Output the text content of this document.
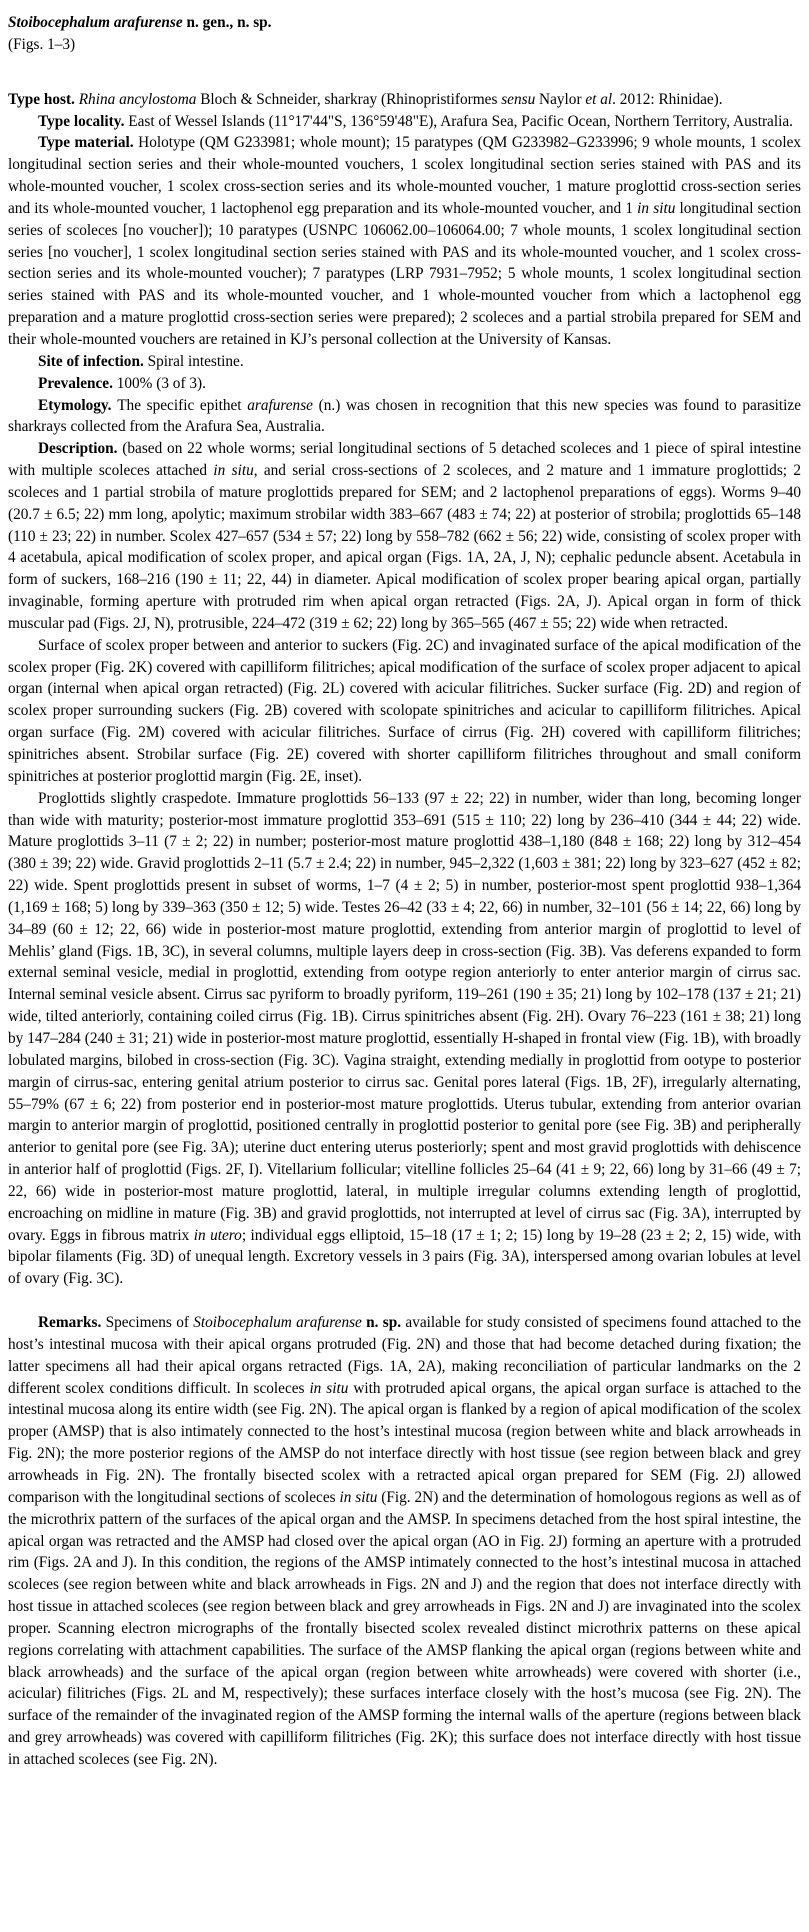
Stoibocephalum arafurense n. gen., n. sp.

(Figs. 1–3)

Type host. Rhina ancylostoma Bloch & Schneider, sharkray (Rhinopristiformes sensu Naylor et al. 2012: Rhinidae).

Type locality. East of Wessel Islands (11°17'44"S, 136°59'48"E), Arafura Sea, Pacific Ocean, Northern Territory, Australia.

Type material. Holotype (QM G233981; whole mount); 15 paratypes (QM G233982–G233996; 9 whole mounts, 1 scolex longitudinal section series and their whole-mounted vouchers, 1 scolex longitudinal section series stained with PAS and its whole-mounted voucher, 1 scolex cross-section series and its whole-mounted voucher, 1 mature proglottid cross-section series and its whole-mounted voucher, 1 lactophenol egg preparation and its whole-mounted voucher, and 1 in situ longitudinal section series of scoleces [no voucher]); 10 paratypes (USNPC 106062.00–106064.00; 7 whole mounts, 1 scolex longitudinal section series [no voucher], 1 scolex longitudinal section series stained with PAS and its whole-mounted voucher, and 1 scolex cross-section series and its whole-mounted voucher); 7 paratypes (LRP 7931–7952; 5 whole mounts, 1 scolex longitudinal section series stained with PAS and its whole-mounted voucher, and 1 whole-mounted voucher from which a lactophenol egg preparation and a mature proglottid cross-section series were prepared); 2 scoleces and a partial strobila prepared for SEM and their whole-mounted vouchers are retained in KJ’s personal collection at the University of Kansas.

Site of infection. Spiral intestine.

Prevalence. 100% (3 of 3).

Etymology. The specific epithet arafurense (n.) was chosen in recognition that this new species was found to parasitize sharkrays collected from the Arafura Sea, Australia.

Description. (based on 22 whole worms; serial longitudinal sections of 5 detached scoleces and 1 piece of spiral intestine with multiple scoleces attached in situ, and serial cross-sections of 2 scoleces, and 2 mature and 1 immature proglottids; 2 scoleces and 1 partial strobila of mature proglottids prepared for SEM; and 2 lactophenol preparations of eggs). Worms 9–40 (20.7 ± 6.5; 22) mm long, apolytic; maximum strobilar width 383–667 (483 ± 74; 22) at posterior of strobila; proglottids 65–148 (110 ± 23; 22) in number. Scolex 427–657 (534 ± 57; 22) long by 558–782 (662 ± 56; 22) wide, consisting of scolex proper with 4 acetabula, apical modification of scolex proper, and apical organ (Figs. 1A, 2A, J, N); cephalic peduncle absent. Acetabula in form of suckers, 168–216 (190 ± 11; 22, 44) in diameter. Apical modification of scolex proper bearing apical organ, partially invaginable, forming aperture with protruded rim when apical organ retracted (Figs. 2A, J). Apical organ in form of thick muscular pad (Figs. 2J, N), protrusible, 224–472 (319 ± 62; 22) long by 365–565 (467 ± 55; 22) wide when retracted.

Surface of scolex proper between and anterior to suckers (Fig. 2C) and invaginated surface of the apical modification of the scolex proper (Fig. 2K) covered with capilliform filitriches; apical modification of the surface of scolex proper adjacent to apical organ (internal when apical organ retracted) (Fig. 2L) covered with acicular filitriches. Sucker surface (Fig. 2D) and region of scolex proper surrounding suckers (Fig. 2B) covered with scolopate spinitriches and acicular to capilliform filitriches. Apical organ surface (Fig. 2M) covered with acicular filitriches. Surface of cirrus (Fig. 2H) covered with capilliform filitriches; spinitriches absent. Strobilar surface (Fig. 2E) covered with shorter capilliform filitriches throughout and small coniform spinitriches at posterior proglottid margin (Fig. 2E, inset).

Proglottids slightly craspedote. Immature proglottids 56–133 (97 ± 22; 22) in number, wider than long, becoming longer than wide with maturity; posterior-most immature proglottid 353–691 (515 ± 110; 22) long by 236–410 (344 ± 44; 22) wide. Mature proglottids 3–11 (7 ± 2; 22) in number; posterior-most mature proglottid 438–1,180 (848 ± 168; 22) long by 312–454 (380 ± 39; 22) wide. Gravid proglottids 2–11 (5.7 ± 2.4; 22) in number, 945–2,322 (1,603 ± 381; 22) long by 323–627 (452 ± 82; 22) wide. Spent proglottids present in subset of worms, 1–7 (4 ± 2; 5) in number, posterior-most spent proglottid 938–1,364 (1,169 ± 168; 5) long by 339–363 (350 ± 12; 5) wide. Testes 26–42 (33 ± 4; 22, 66) in number, 32–101 (56 ± 14; 22, 66) long by 34–89 (60 ± 12; 22, 66) wide in posterior-most mature proglottid, extending from anterior margin of proglottid to level of Mehlis’ gland (Figs. 1B, 3C), in several columns, multiple layers deep in cross-section (Fig. 3B). Vas deferens expanded to form external seminal vesicle, medial in proglottid, extending from ootype region anteriorly to enter anterior margin of cirrus sac. Internal seminal vesicle absent. Cirrus sac pyriform to broadly pyriform, 119–261 (190 ± 35; 21) long by 102–178 (137 ± 21; 21) wide, tilted anteriorly, containing coiled cirrus (Fig. 1B). Cirrus spinitriches absent (Fig. 2H). Ovary 76–223 (161 ± 38; 21) long by 147–284 (240 ± 31; 21) wide in posterior-most mature proglottid, essentially H-shaped in frontal view (Fig. 1B), with broadly lobulated margins, bilobed in cross-section (Fig. 3C). Vagina straight, extending medially in proglottid from ootype to posterior margin of cirrus-sac, entering genital atrium posterior to cirrus sac. Genital pores lateral (Figs. 1B, 2F), irregularly alternating, 55–79% (67 ± 6; 22) from posterior end in posterior-most mature proglottids. Uterus tubular, extending from anterior ovarian margin to anterior margin of proglottid, positioned centrally in proglottid posterior to genital pore (see Fig. 3B) and peripherally anterior to genital pore (see Fig. 3A); uterine duct entering uterus posteriorly; spent and most gravid proglottids with dehiscence in anterior half of proglottid (Figs. 2F, I). Vitellarium follicular; vitelline follicles 25–64 (41 ± 9; 22, 66) long by 31–66 (49 ± 7; 22, 66) wide in posterior-most mature proglottid, lateral, in multiple irregular columns extending length of proglottid, encroaching on midline in mature (Fig. 3B) and gravid proglottids, not interrupted at level of cirrus sac (Fig. 3A), interrupted by ovary. Eggs in fibrous matrix in utero; individual eggs elliptoid, 15–18 (17 ± 1; 2; 15) long by 19–28 (23 ± 2; 2, 15) wide, with bipolar filaments (Fig. 3D) of unequal length. Excretory vessels in 3 pairs (Fig. 3A), interspersed among ovarian lobules at level of ovary (Fig. 3C).

Remarks. Specimens of Stoibocephalum arafurense n. sp. available for study consisted of specimens found attached to the host’s intestinal mucosa with their apical organs protruded (Fig. 2N) and those that had become detached during fixation; the latter specimens all had their apical organs retracted (Figs. 1A, 2A), making reconciliation of particular landmarks on the 2 different scolex conditions difficult. In scoleces in situ with protruded apical organs, the apical organ surface is attached to the intestinal mucosa along its entire width (see Fig. 2N). The apical organ is flanked by a region of apical modification of the scolex proper (AMSP) that is also intimately connected to the host’s intestinal mucosa (region between white and black arrowheads in Fig. 2N); the more posterior regions of the AMSP do not interface directly with host tissue (see region between black and grey arrowheads in Fig. 2N). The frontally bisected scolex with a retracted apical organ prepared for SEM (Fig. 2J) allowed comparison with the longitudinal sections of scoleces in situ (Fig. 2N) and the determination of homologous regions as well as of the microthrix pattern of the surfaces of the apical organ and the AMSP. In specimens detached from the host spiral intestine, the apical organ was retracted and the AMSP had closed over the apical organ (AO in Fig. 2J) forming an aperture with a protruded rim (Figs. 2A and J). In this condition, the regions of the AMSP intimately connected to the host’s intestinal mucosa in attached scoleces (see region between white and black arrowheads in Figs. 2N and J) and the region that does not interface directly with host tissue in attached scoleces (see region between black and grey arrowheads in Figs. 2N and J) are invaginated into the scolex proper. Scanning electron micrographs of the frontally bisected scolex revealed distinct microthrix patterns on these apical regions correlating with attachment capabilities. The surface of the AMSP flanking the apical organ (regions between white and black arrowheads) and the surface of the apical organ (region between white arrowheads) were covered with shorter (i.e., acicular) filitriches (Figs. 2L and M, respectively); these surfaces interface closely with the host’s mucosa (see Fig. 2N). The surface of the remainder of the invaginated region of the AMSP forming the internal walls of the aperture (regions between black and grey arrowheads) was covered with capilliform filitriches (Fig. 2K); this surface does not interface directly with host tissue in attached scoleces (see Fig. 2N).
